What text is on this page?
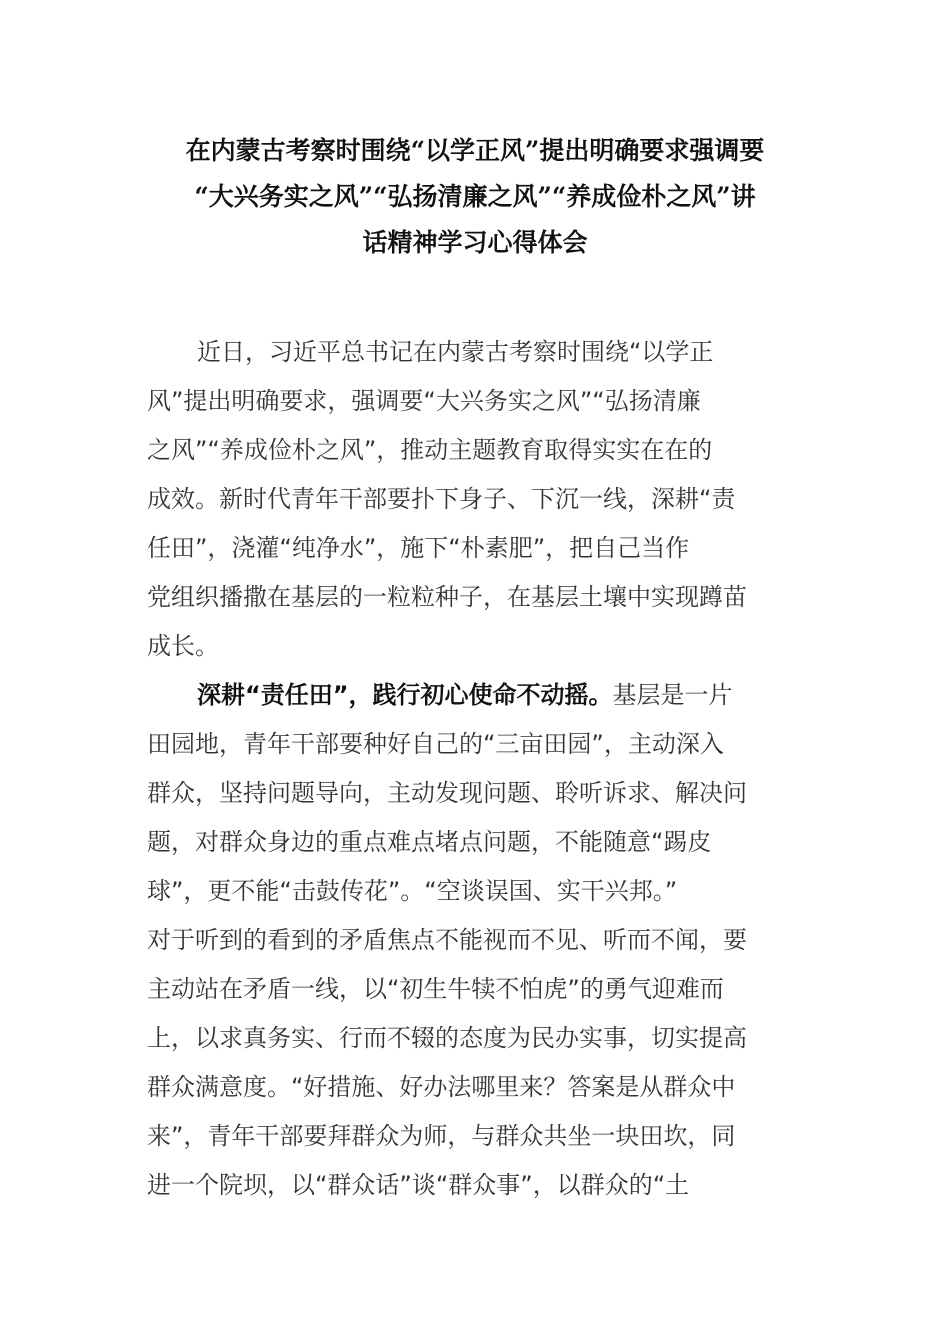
在内蒙古考察时围绕“以学正风”提出明确要求强调要
“大兴务实之风”“弘扬清廉之风”“养成俭朴之风”讲
话精神学习心得体会
近日，习近平总书记在内蒙古考察时围绕“以学正
风”提出明确要求，强调要“大兴务实之风”“弘扬清廉
之风”“养成俭朴之风”，推动主题教育取得实实在在的
成效。新时代青年干部要扑下身子、下沉一线，深耕“责
任田”，浇灌“纯净水”，施下“朴素肥”，把自己当作
党组织播撒在基层的一粒粒种子，在基层土壤中实现蹲苗
成长。
深耕“责任田”，践行初心使命不动摇。基层是一片
田园地，青年干部要种好自己的“三亩田园”，主动深入
群众，坚持问题导向，主动发现问题、聆听诉求、解决问
题，对群众身边的重点难点堵点问题，不能随意“踢皮
球”，更不能“击鼓传花”。“空谈误国、实干兴邦。”
对于听到的看到的矛盾焦点不能视而不见、听而不闻，要
主动站在矛盾一线，以“初生牛犊不怕虎”的勇气迎难而
上，以求真务实、行而不辍的态度为民办实事，切实提高
群众满意度。“好措施、好办法哪里来？答案是从群众中
来”，青年干部要拜群众为师，与群众共坐一块田坎，同
进一个院坝，以“群众话”谈“群众事”，以群众的“土
